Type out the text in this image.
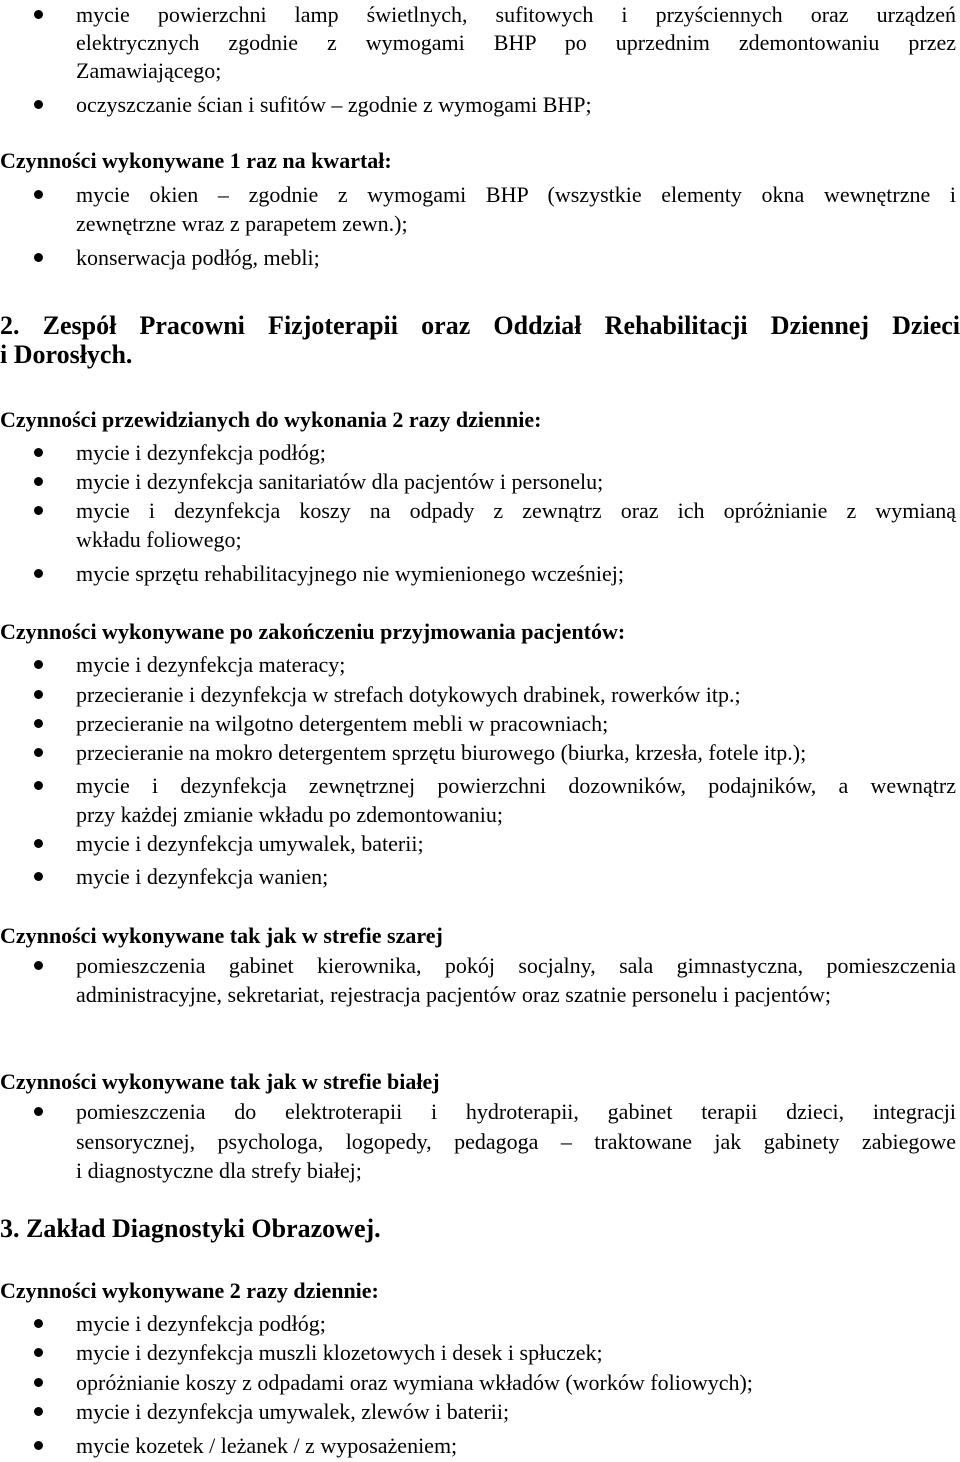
mycie powierzchni lamp świetlnych, sufitowych i przyściennych oraz urządzeń
elektrycznych zgodnie z wymogami BHP po uprzednim zdemontowaniu przez
Zamawiającego;
oczyszczanie ścian i sufitów – zgodnie z wymogami BHP;
Czynności wykonywane 1 raz na kwartał:
mycie okien – zgodnie z wymogami BHP (wszystkie elementy okna wewnętrzne i
zewnętrzne wraz z parapetem zewn.);
konserwacja podłóg, mebli;
2. Zespół Pracowni Fizjoterapii oraz Oddział Rehabilitacji Dziennej Dzieci
i Dorosłych.
Czynności przewidzianych do wykonania 2 razy dziennie:
mycie i dezynfekcja podłóg;
mycie i dezynfekcja sanitariatów dla pacjentów i personelu;
mycie i dezynfekcja koszy na odpady z zewnątrz oraz ich opróżnianie z wymianą
wkładu foliowego;
mycie sprzętu rehabilitacyjnego nie wymienionego wcześniej;
Czynności wykonywane po zakończeniu przyjmowania pacjentów:
mycie i dezynfekcja materacy;
przecieranie i dezynfekcja w strefach dotykowych drabinek, rowerków itp.;
przecieranie na wilgotno detergentem mebli w pracowniach;
przecieranie na mokro detergentem sprzętu biurowego (biurka, krzesła, fotele itp.);
mycie i dezynfekcja zewnętrznej powierzchni dozowników, podajników, a wewnątrz
przy każdej zmianie wkładu po zdemontowaniu;
mycie i dezynfekcja umywalek, baterii;
mycie i dezynfekcja wanien;
Czynności wykonywane tak jak w strefie szarej
pomieszczenia gabinet kierownika, pokój socjalny, sala gimnastyczna, pomieszczenia
administracyjne, sekretariat, rejestracja pacjentów oraz szatnie personelu i pacjentów;
Czynności wykonywane tak jak w strefie białej
pomieszczenia do elektroterapii i hydroterapii, gabinet terapii dzieci, integracji
sensorycznej, psychologa, logopedy, pedagoga – traktowane jak gabinety zabiegowe
i diagnostyczne dla strefy białej;
3. Zakład Diagnostyki Obrazowej.
Czynności wykonywane 2 razy dziennie:
mycie i dezynfekcja podłóg;
mycie i dezynfekcja muszli klozetowych i desek i spłuczek;
opróżnianie koszy z odpadami oraz wymiana wkładów (worków foliowych);
mycie i dezynfekcja umywalek, zlewów i baterii;
mycie kozetek / leżanek / z wyposażeniem;
